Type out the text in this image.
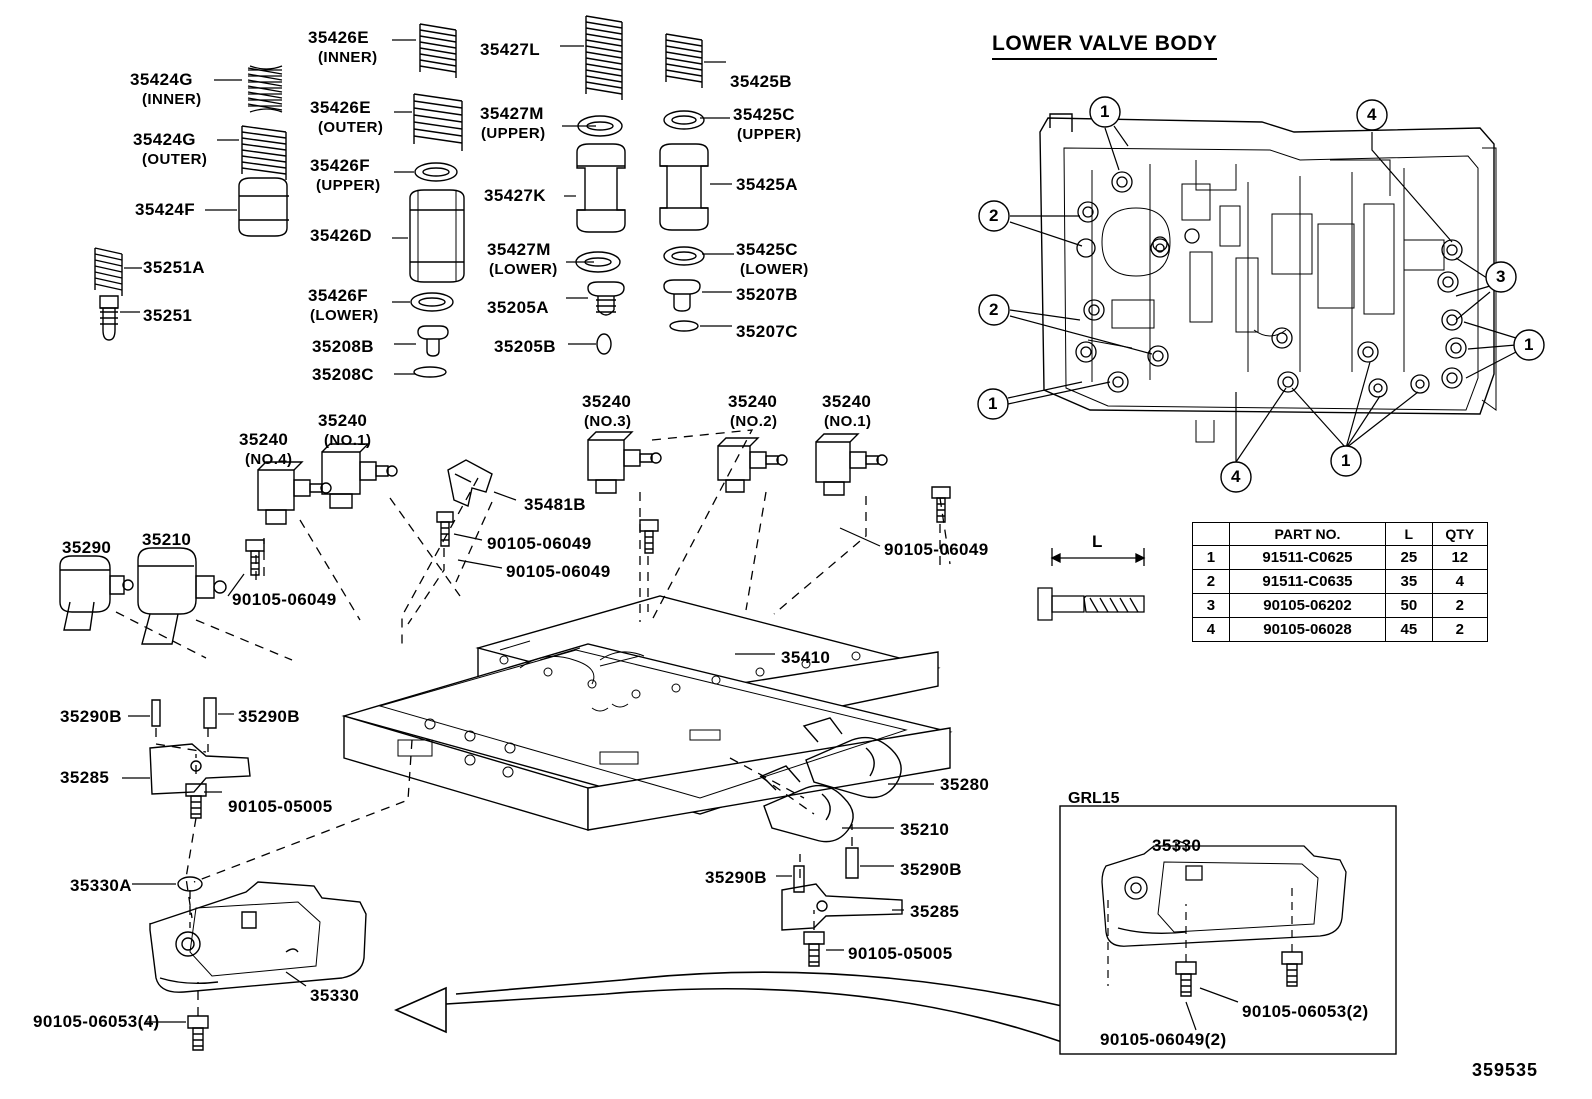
LOWER VALVE BODY
35424G
(INNER)
35424G
(OUTER)
35424F
35251A
35251
35426E
(INNER)
35426E
(OUTER)
35426F
(UPPER)
35426D
35426F
(LOWER)
35208B
35208C
35427L
35427M
(UPPER)
35427K
35427M
(LOWER)
35205A
35205B
35425B
35425C
(UPPER)
35425A
35425C
(LOWER)
35207B
35207C
35240
(NO.4)
35240
(NO.1)
35240
(NO.3)
35240
(NO.2)
35240
(NO.1)
35481B
90105-06049
90105-06049
90105-06049
90105-06049
35290 35210
35410
35290B	35290B
35285
90105-05005
35280
35210
35290B	35290B
35285
90105-05005
35330A
35330
90105-06053(4)
35330
90105-06053(2)
90105-06049(2)
1	4
2
3
2
1
1
4
1
L
		PART NO.	L	QTY
1	91511-C0625	25	12
2	91511-C0635	35	4
3	90105-06202	50	2
4	90105-06028	45	2
GRL15
359535
